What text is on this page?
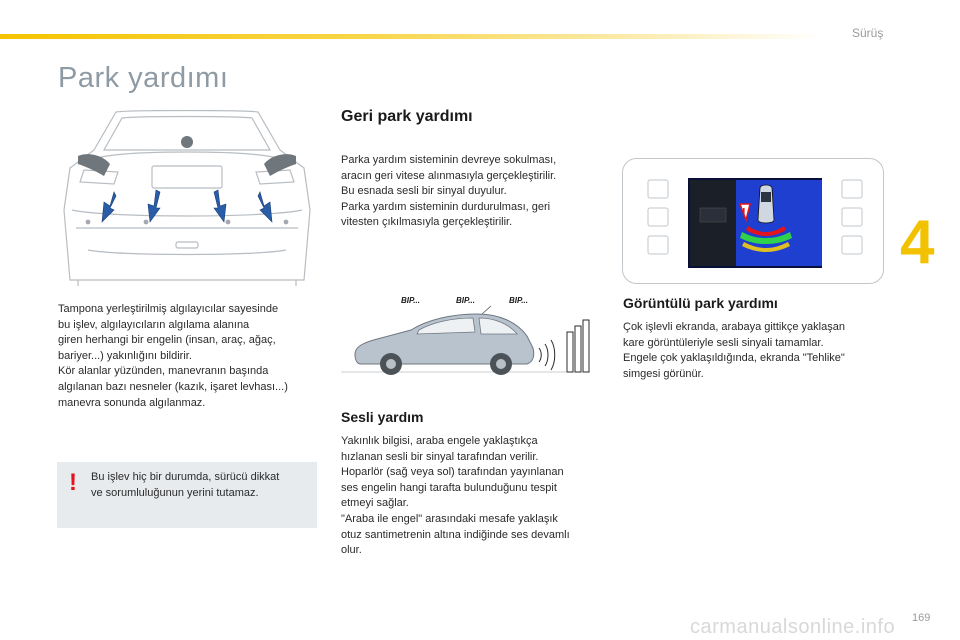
Sürüş
4
Park yardımı
Tampona yerleştirilmiş algılayıcılar sayesinde
bu işlev, algılayıcıların algılama alanına
giren herhangi bir engelin (insan, araç, ağaç,
bariyer...) yakınlığını bildirir.
Kör alanlar yüzünden, manevranın başında
algılanan bazı nesneler (kazık, işaret levhası...)
manevra sonunda algılanmaz.
! Bu işlev hiç bir durumda, sürücü dikkat
ve sorumluluğunun yerini tutamaz.
Geri park yardımı
Parka yardım sisteminin devreye sokulması,
aracın geri vitese alınmasıyla gerçekleştirilir.
Bu esnada sesli bir sinyal duyulur.
Parka yardım sisteminin durdurulması, geri
vitesten çıkılmasıyla gerçekleştirilir.
BIP...	BIP...	BIP...
Sesli yardım
Yakınlık bilgisi, araba engele yaklaştıkça
hızlanan sesli bir sinyal tarafından verilir.
Hoparlör (sağ veya sol) tarafından yayınlanan
ses engelin hangi tarafta bulunduğunu tespit
etmeyi sağlar.
"Araba ile engel" arasındaki mesafe yaklaşık
otuz santimetrenin altına indiğinde ses devamlı
olur.
Görüntülü park yardımı
Çok işlevli ekranda, arabaya gittikçe yaklaşan
kare görüntüleriyle sesli sinyali tamamlar.
Engele çok yaklaşıldığında, ekranda "Tehlike"
simgesi görünür.
carmanualsonline.info 169
